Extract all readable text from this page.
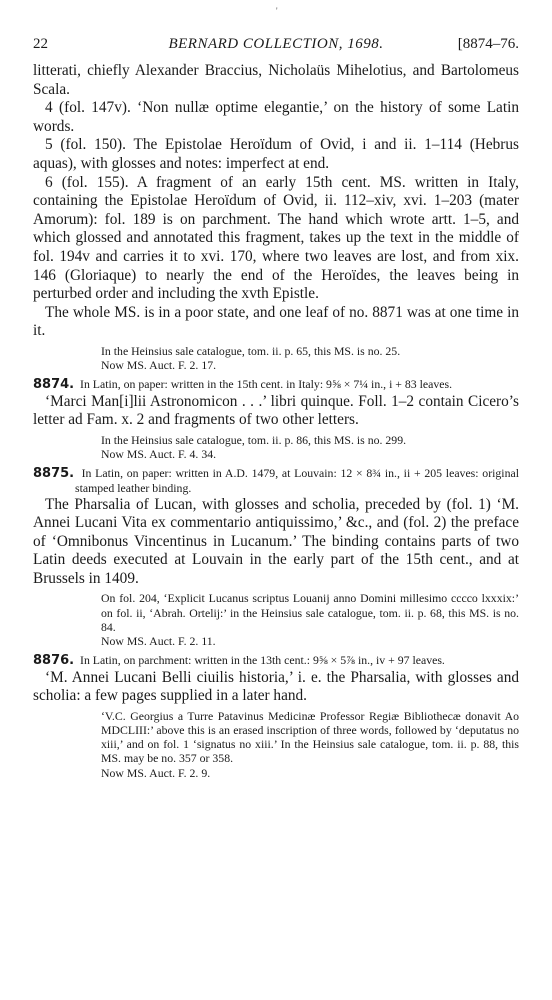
'
22	BERNARD COLLECTION, 1698.	[8874–76.

litterati, chiefly Alexander Braccius, Nicholaüs Mihelotius, and Bartolomeus Scala.

4 (fol. 147v). ‘Non nullæ optime elegantie,’ on the history of some Latin words.

5 (fol. 150). The Epistolae Heroïdum of Ovid, i and ii. 1–114 (Hebrus aquas), with glosses and notes: imperfect at end.

6 (fol. 155). A fragment of an early 15th cent. MS. written in Italy, containing the Epistolae Heroïdum of Ovid, ii. 112–xiv, xvi. 1–203 (mater Amorum): fol. 189 is on parchment. The hand which wrote artt. 1–5, and which glossed and annotated this fragment, takes up the text in the middle of fol. 194v and carries it to xvi. 170, where two leaves are lost, and from xix. 146 (Gloriaque) to nearly the end of the Heroïdes, the leaves being in perturbed order and including the xvth Epistle.

The whole MS. is in a poor state, and one leaf of no. 8871 was at one time in it.

In the Heinsius sale catalogue, tom. ii. p. 65, this MS. is no. 25.

Now MS. Auct. F. 2. 17.

8874. In Latin, on paper: written in the 15th cent. in Italy: 9⅝ × 7¼ in., i + 83 leaves.

‘Marci Man[i]lii Astronomicon . . .’ libri quinque. Foll. 1–2 contain Cicero’s letter ad Fam. x. 2 and fragments of two other letters.

In the Heinsius sale catalogue, tom. ii. p. 86, this MS. is no. 299.

Now MS. Auct. F. 4. 34.

8875. In Latin, on paper: written in A.D. 1479, at Louvain: 12 × 8¾ in., ii + 205 leaves: original stamped leather binding.

The Pharsalia of Lucan, with glosses and scholia, preceded by (fol. 1) ‘M. Annei Lucani Vita ex commentario antiquissimo,’ &c., and (fol. 2) the preface of ‘Omnibonus Vincentinus in Lucanum.’ The binding contains parts of two Latin deeds executed at Louvain in the early part of the 15th cent., and at Brussels in 1409.

On fol. 204, ‘Explicit Lucanus scriptus Louanij anno Domini millesimo cccco lxxxix:’ on fol. ii, ‘Abrah. Ortelij:’ in the Heinsius sale catalogue, tom. ii. p. 68, this MS. is no. 84.

Now MS. Auct. F. 2. 11.

8876. In Latin, on parchment: written in the 13th cent.: 9⅝ × 5⅞ in., iv + 97 leaves.

‘M. Annei Lucani Belli ciuilis historia,’ i. e. the Pharsalia, with glosses and scholia: a few pages supplied in a later hand.

‘V.C. Georgius a Turre Patavinus Medicinæ Professor Regiæ Bibliothecæ donavit Ao MDCLIII:’ above this is an erased inscription of three words, followed by ‘deputatus no xiii,’ and on fol. 1 ‘signatus no xiii.’ In the Heinsius sale catalogue, tom. ii. p. 88, this MS. may be no. 357 or 358.

Now MS. Auct. F. 2. 9.
